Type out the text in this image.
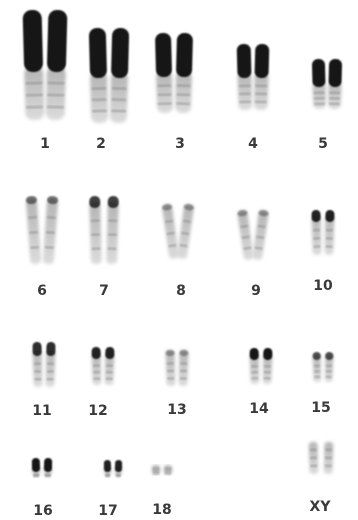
1	2	3	4	5
6	7	8	9	10
11	12	13	14	15
16	17 18	XY
